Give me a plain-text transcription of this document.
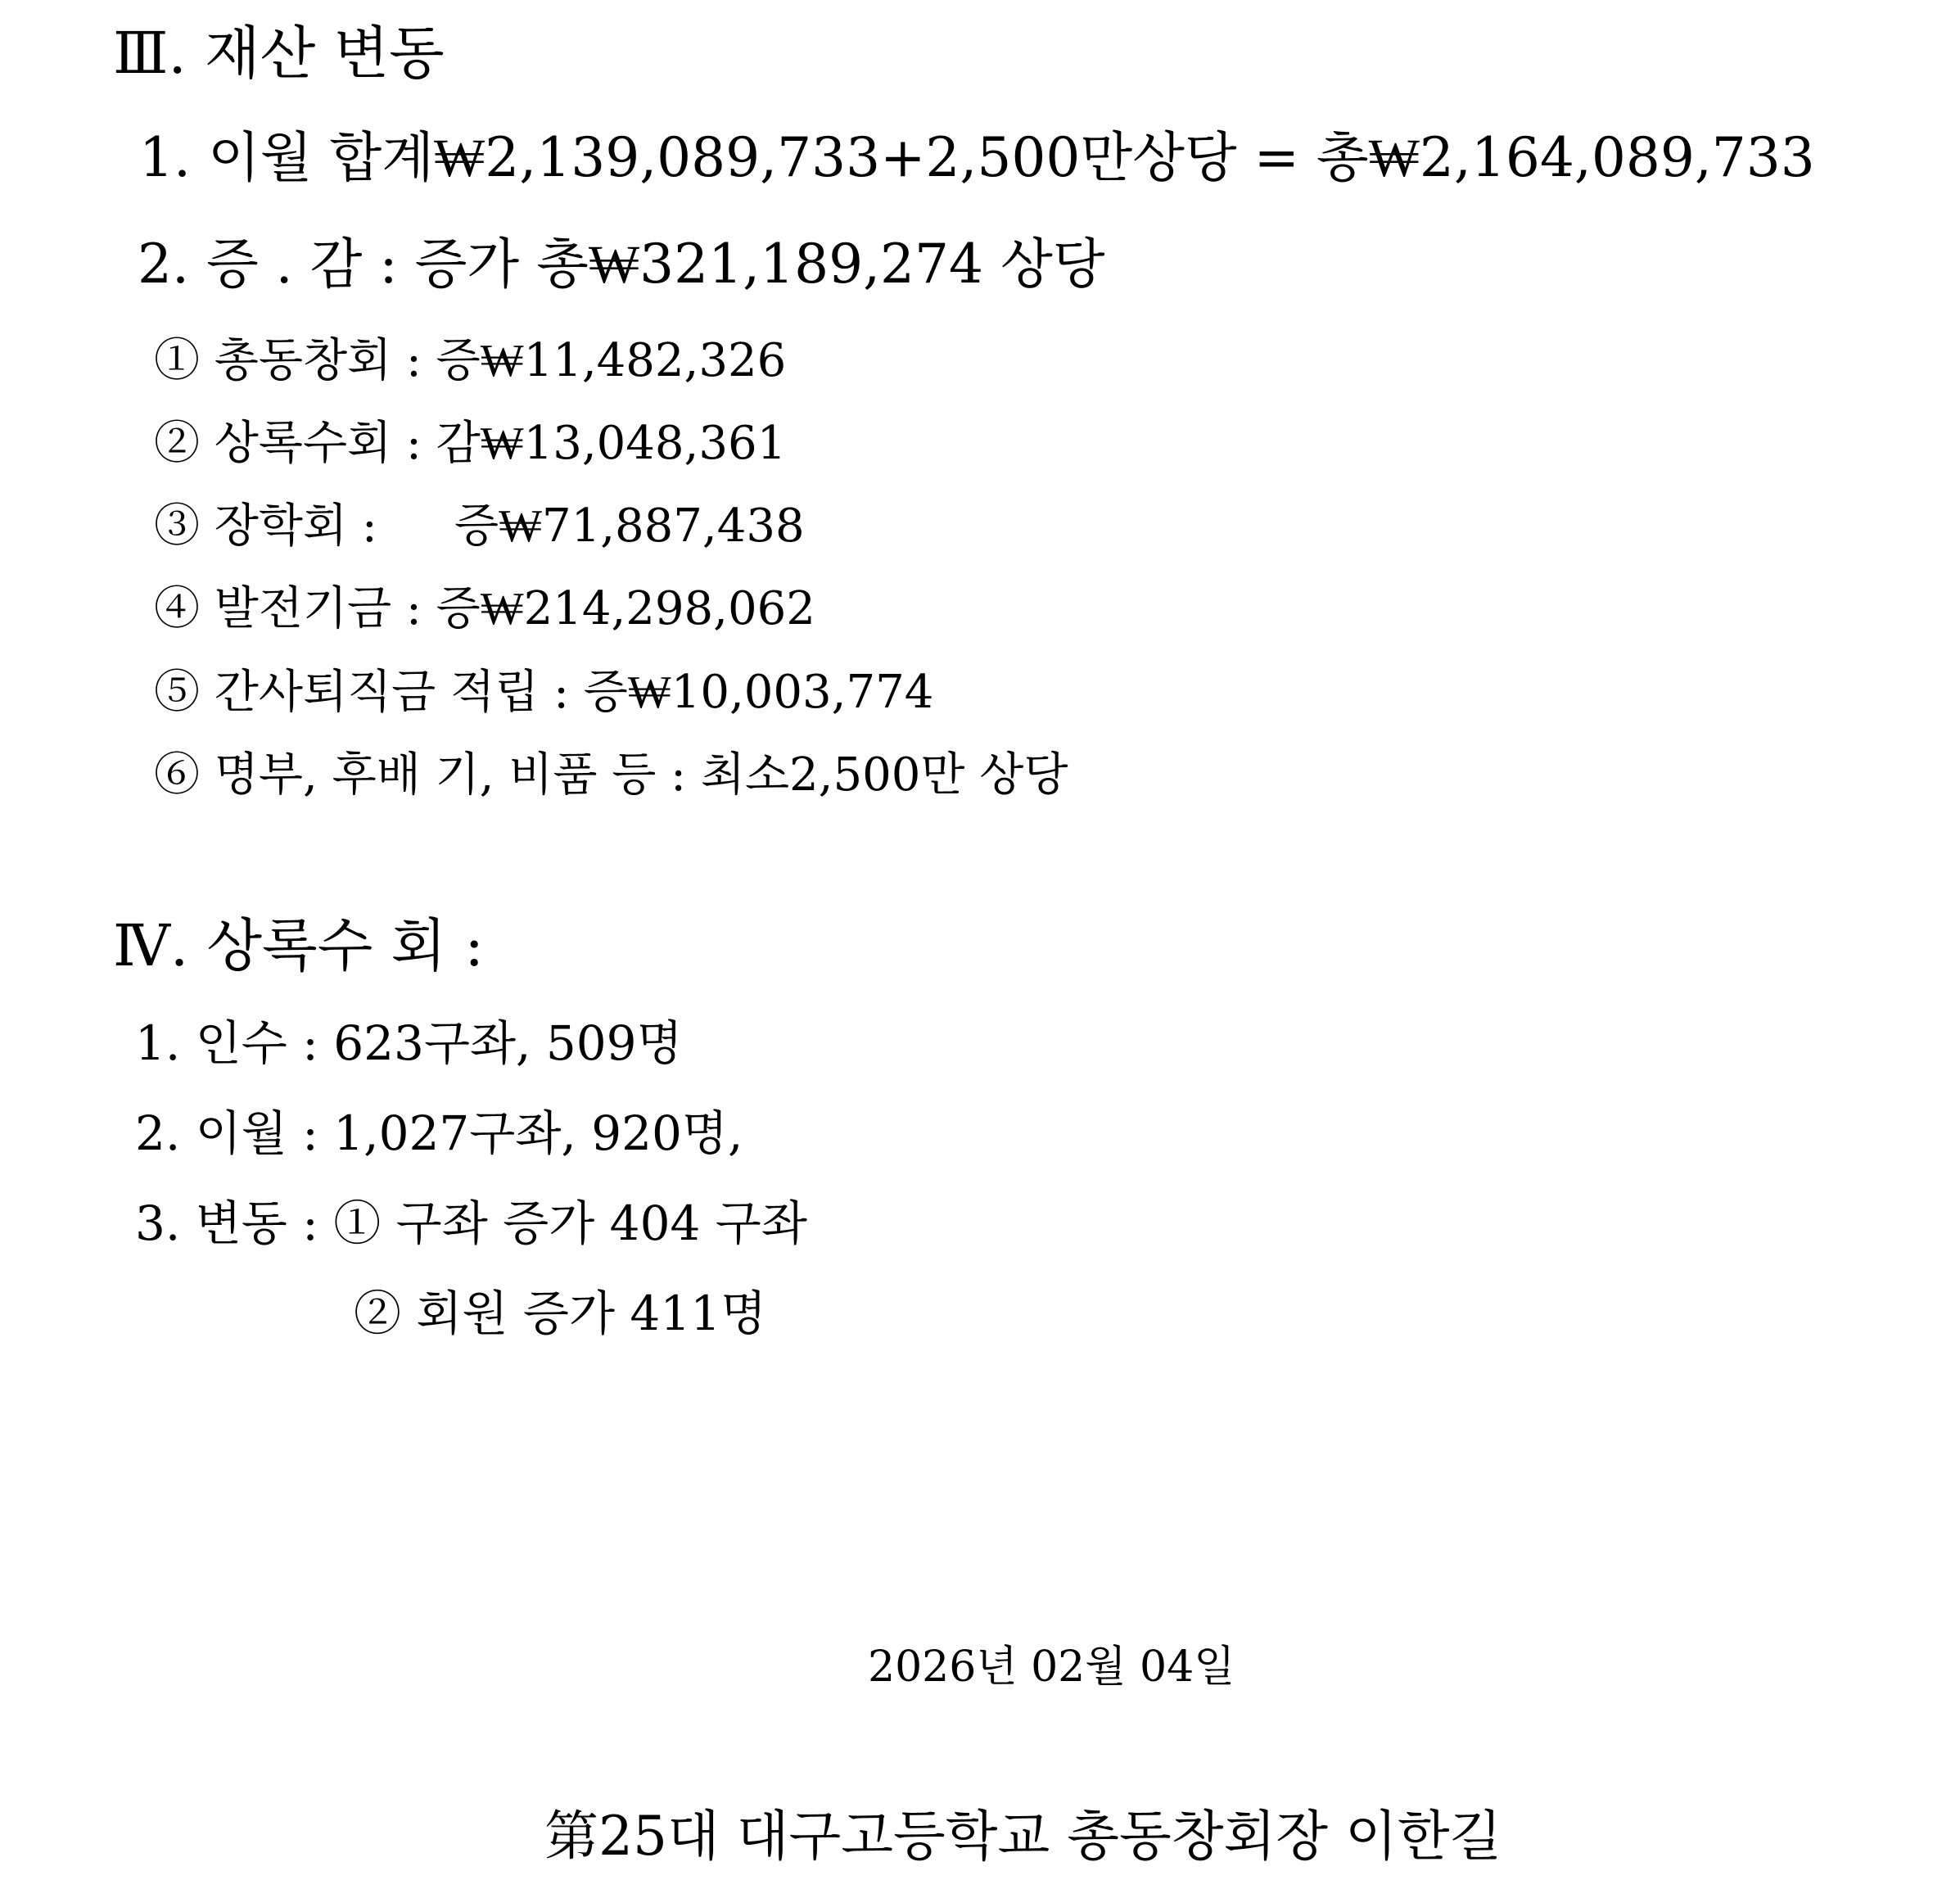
Ⅲ. 재산 변동
1. 이월 합계₩2,139,089,733+2,500만상당 = 총₩2,164,089,733
2. 증 . 감 : 증가 총₩321,189,274 상당
① 총동창회 : 증₩11,482,326
② 상록수회 : 감₩13,048,361
③ 장학회 : 증₩71,887,438
④ 발전기금 : 증₩214,298,062
⑤ 간사퇴직금 적립 : 증₩10,003,774
⑥ 명부, 후배 기, 비품 등 : 최소2,500만 상당
Ⅳ. 상록수 회 :
1. 인수 : 623구좌, 509명
2. 이월 : 1,027구좌, 920명,
3. 변동 : ① 구좌 증가 404 구좌
② 회원 증가 411명
2026년 02월 04일
第25대 대구고등학교 총동창회장 이한길
